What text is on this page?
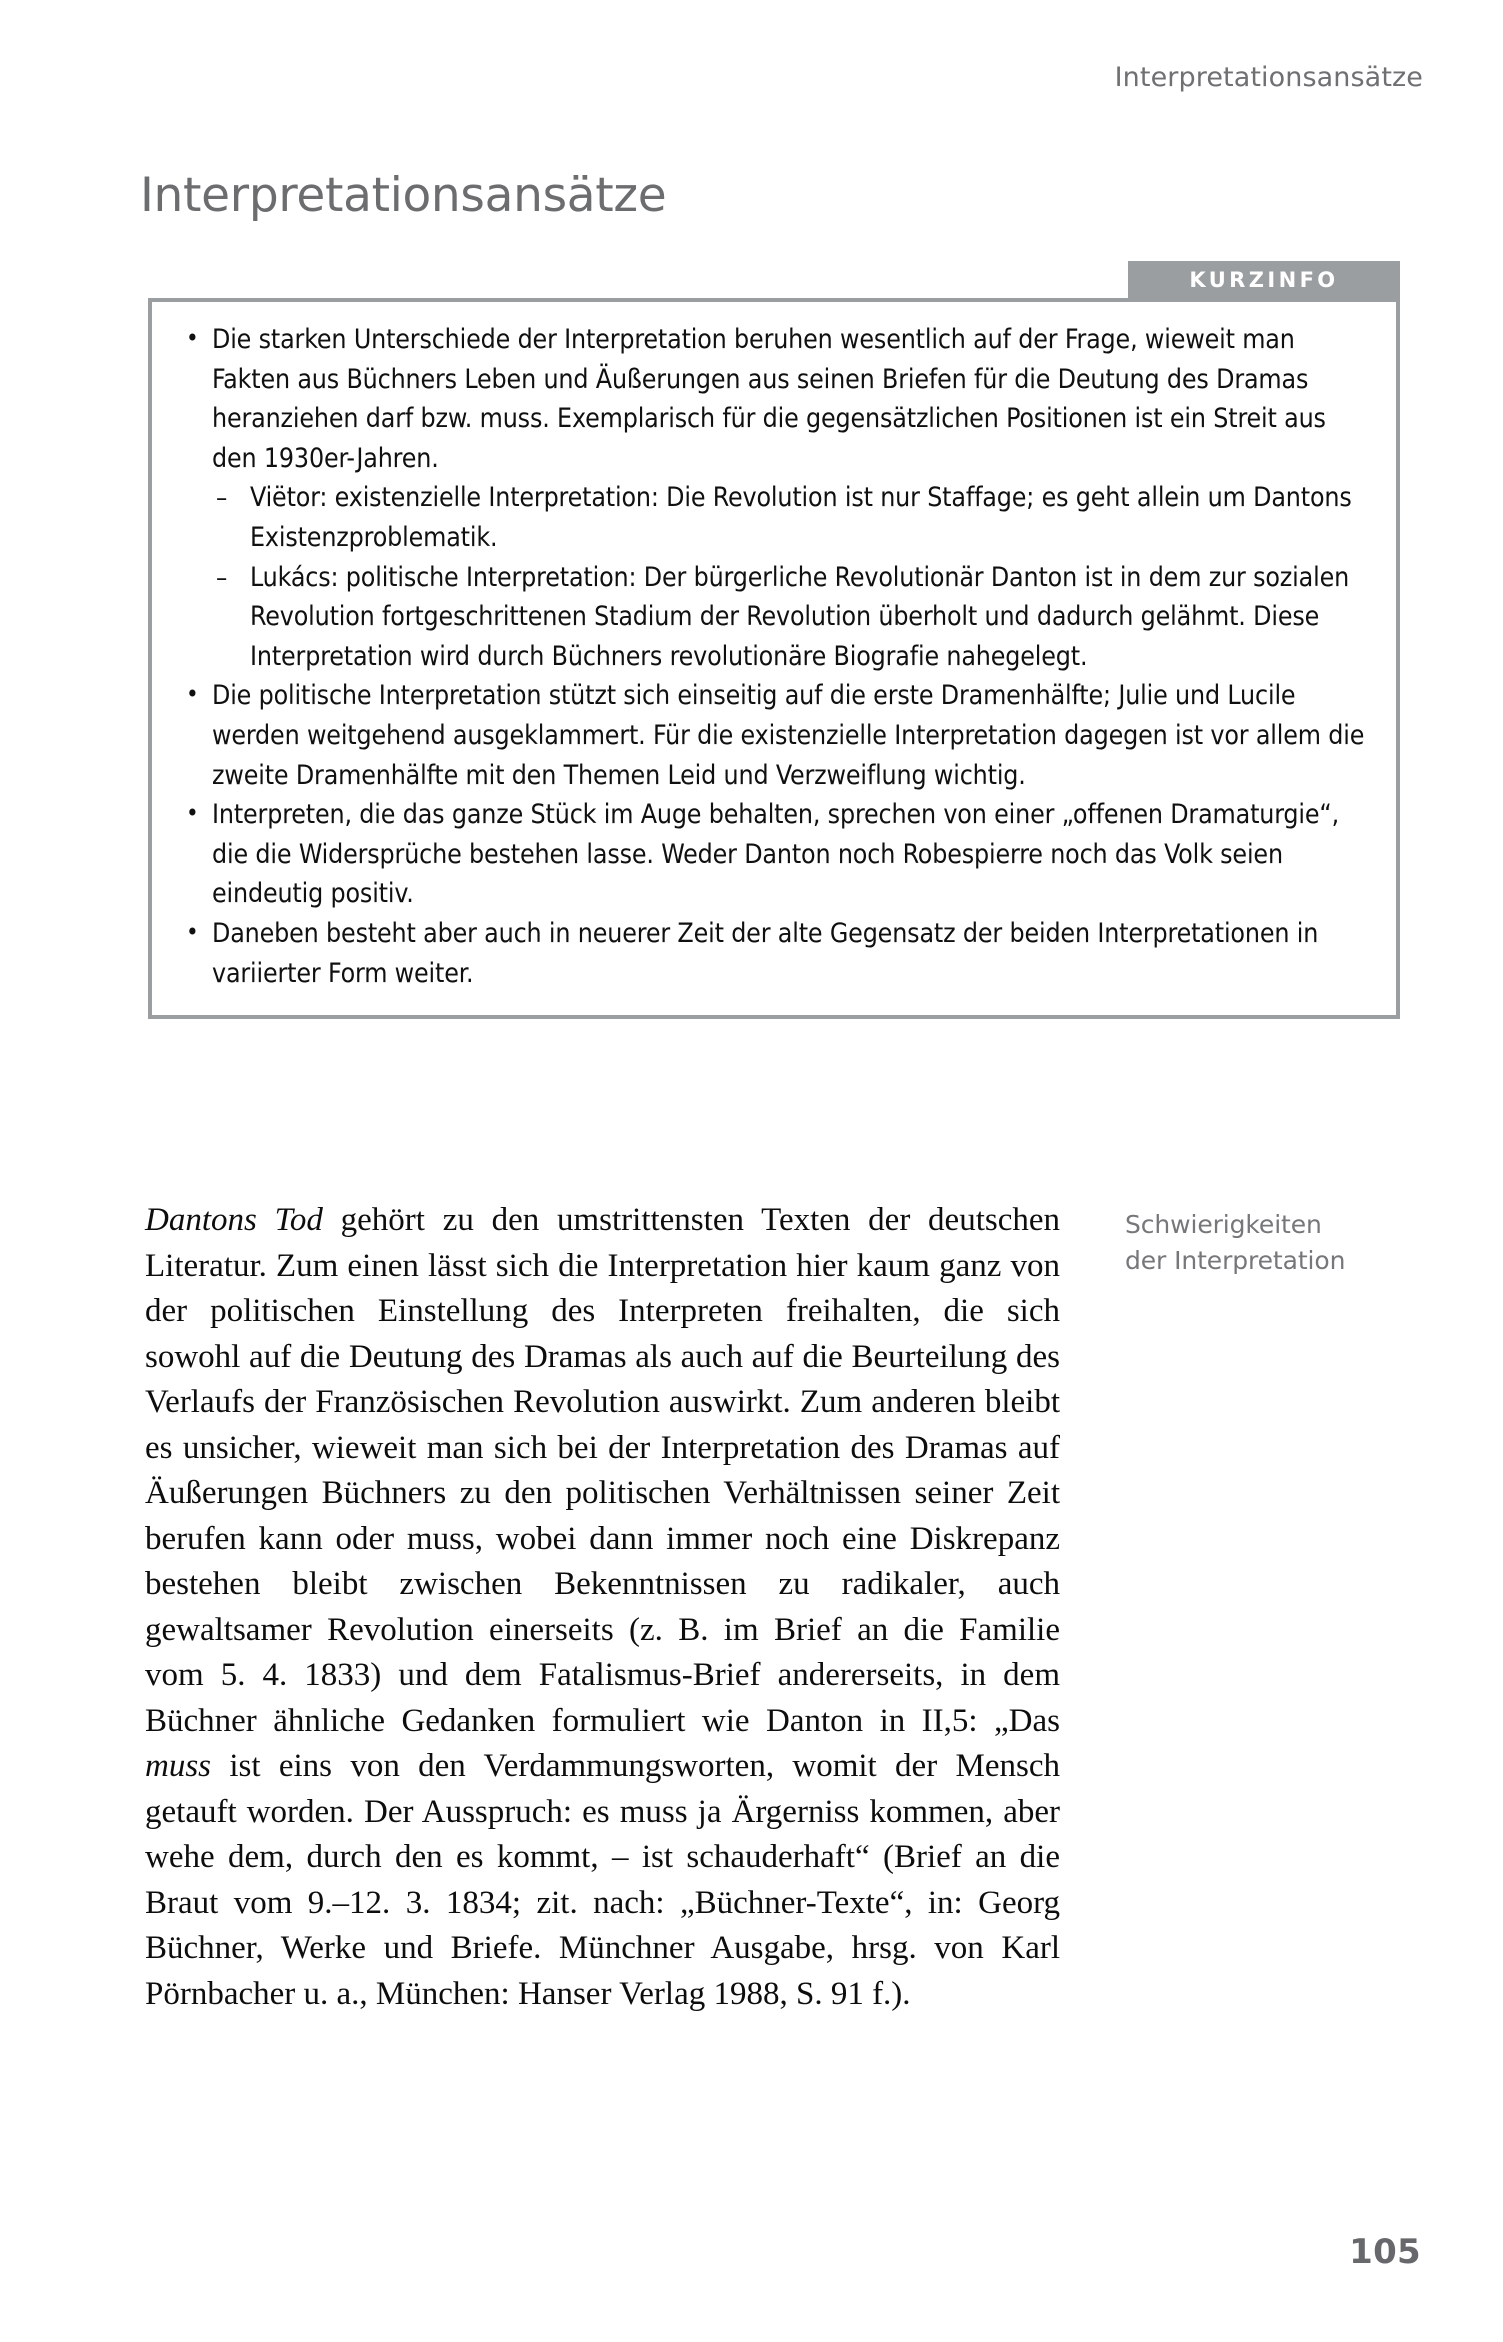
Interpretationsansätze
Interpretationsansätze
KURZINFO
• Die starken Unterschiede der Interpretation beruhen wesentlich auf der Frage, wieweit man Fakten aus Büchners Leben und Äußerungen aus seinen Briefen für die Deutung des Dramas heranziehen darf bzw. muss. Exemplarisch für die gegensätzlichen Positionen ist ein Streit aus den 1930er-Jahren.
– Viëtor: existenzielle Interpretation: Die Revolution ist nur Staffage; es geht allein um Dantons Existenzproblematik.
– Lukács: politische Interpretation: Der bürgerliche Revolutionär Danton ist in dem zur sozialen Revolution fortgeschrittenen Stadium der Revolution überholt und dadurch gelähmt. Diese Interpretation wird durch Büchners revolutionäre Biografie nahegelegt.
• Die politische Interpretation stützt sich einseitig auf die erste Dramenhälfte; Julie und Lucile werden weitgehend ausgeklammert. Für die existenzielle Interpretation dagegen ist vor allem die zweite Dramenhälfte mit den Themen Leid und Verzweiflung wichtig.
• Interpreten, die das ganze Stück im Auge behalten, sprechen von einer „offenen Dramaturgie“, die die Widersprüche bestehen lasse. Weder Danton noch Robespierre noch das Volk seien eindeutig positiv.
• Daneben besteht aber auch in neuerer Zeit der alte Gegensatz der beiden Interpretationen in variierter Form weiter.
Schwierigkeiten
der Interpretation

Dantons Tod gehört zu den umstrittensten Texten der deutschen Literatur. Zum einen lässt sich die Interpretation hier kaum ganz von der politischen Einstellung des Interpreten freihalten, die sich sowohl auf die Deutung des Dramas als auch auf die Beurteilung des Verlaufs der Französischen Revolution auswirkt. Zum anderen bleibt es unsicher, wieweit man sich bei der Interpretation des Dramas auf Äußerungen Büchners zu den politischen Verhältnissen seiner Zeit berufen kann oder muss, wobei dann immer noch eine Diskrepanz bestehen bleibt zwischen Bekenntnissen zu radikaler, auch gewaltsamer Revolution einerseits (z. B. im Brief an die Familie vom 5. 4. 1833) und dem Fatalismus-Brief andererseits, in dem Büchner ähnliche Gedanken formuliert wie Danton in II,5: „Das muss ist eins von den Verdammungsworten, womit der Mensch getauft worden. Der Ausspruch: es muss ja Ärgerniss kommen, aber wehe dem, durch den es kommt, – ist schauderhaft“ (Brief an die Braut vom 9.–12. 3. 1834; zit. nach: „Büchner-Texte“, in: Georg Büchner, Werke und Briefe. Münchner Ausgabe, hrsg. von Karl Pörnbacher u. a., München: Hanser Verlag 1988, S. 91 f.).

105
